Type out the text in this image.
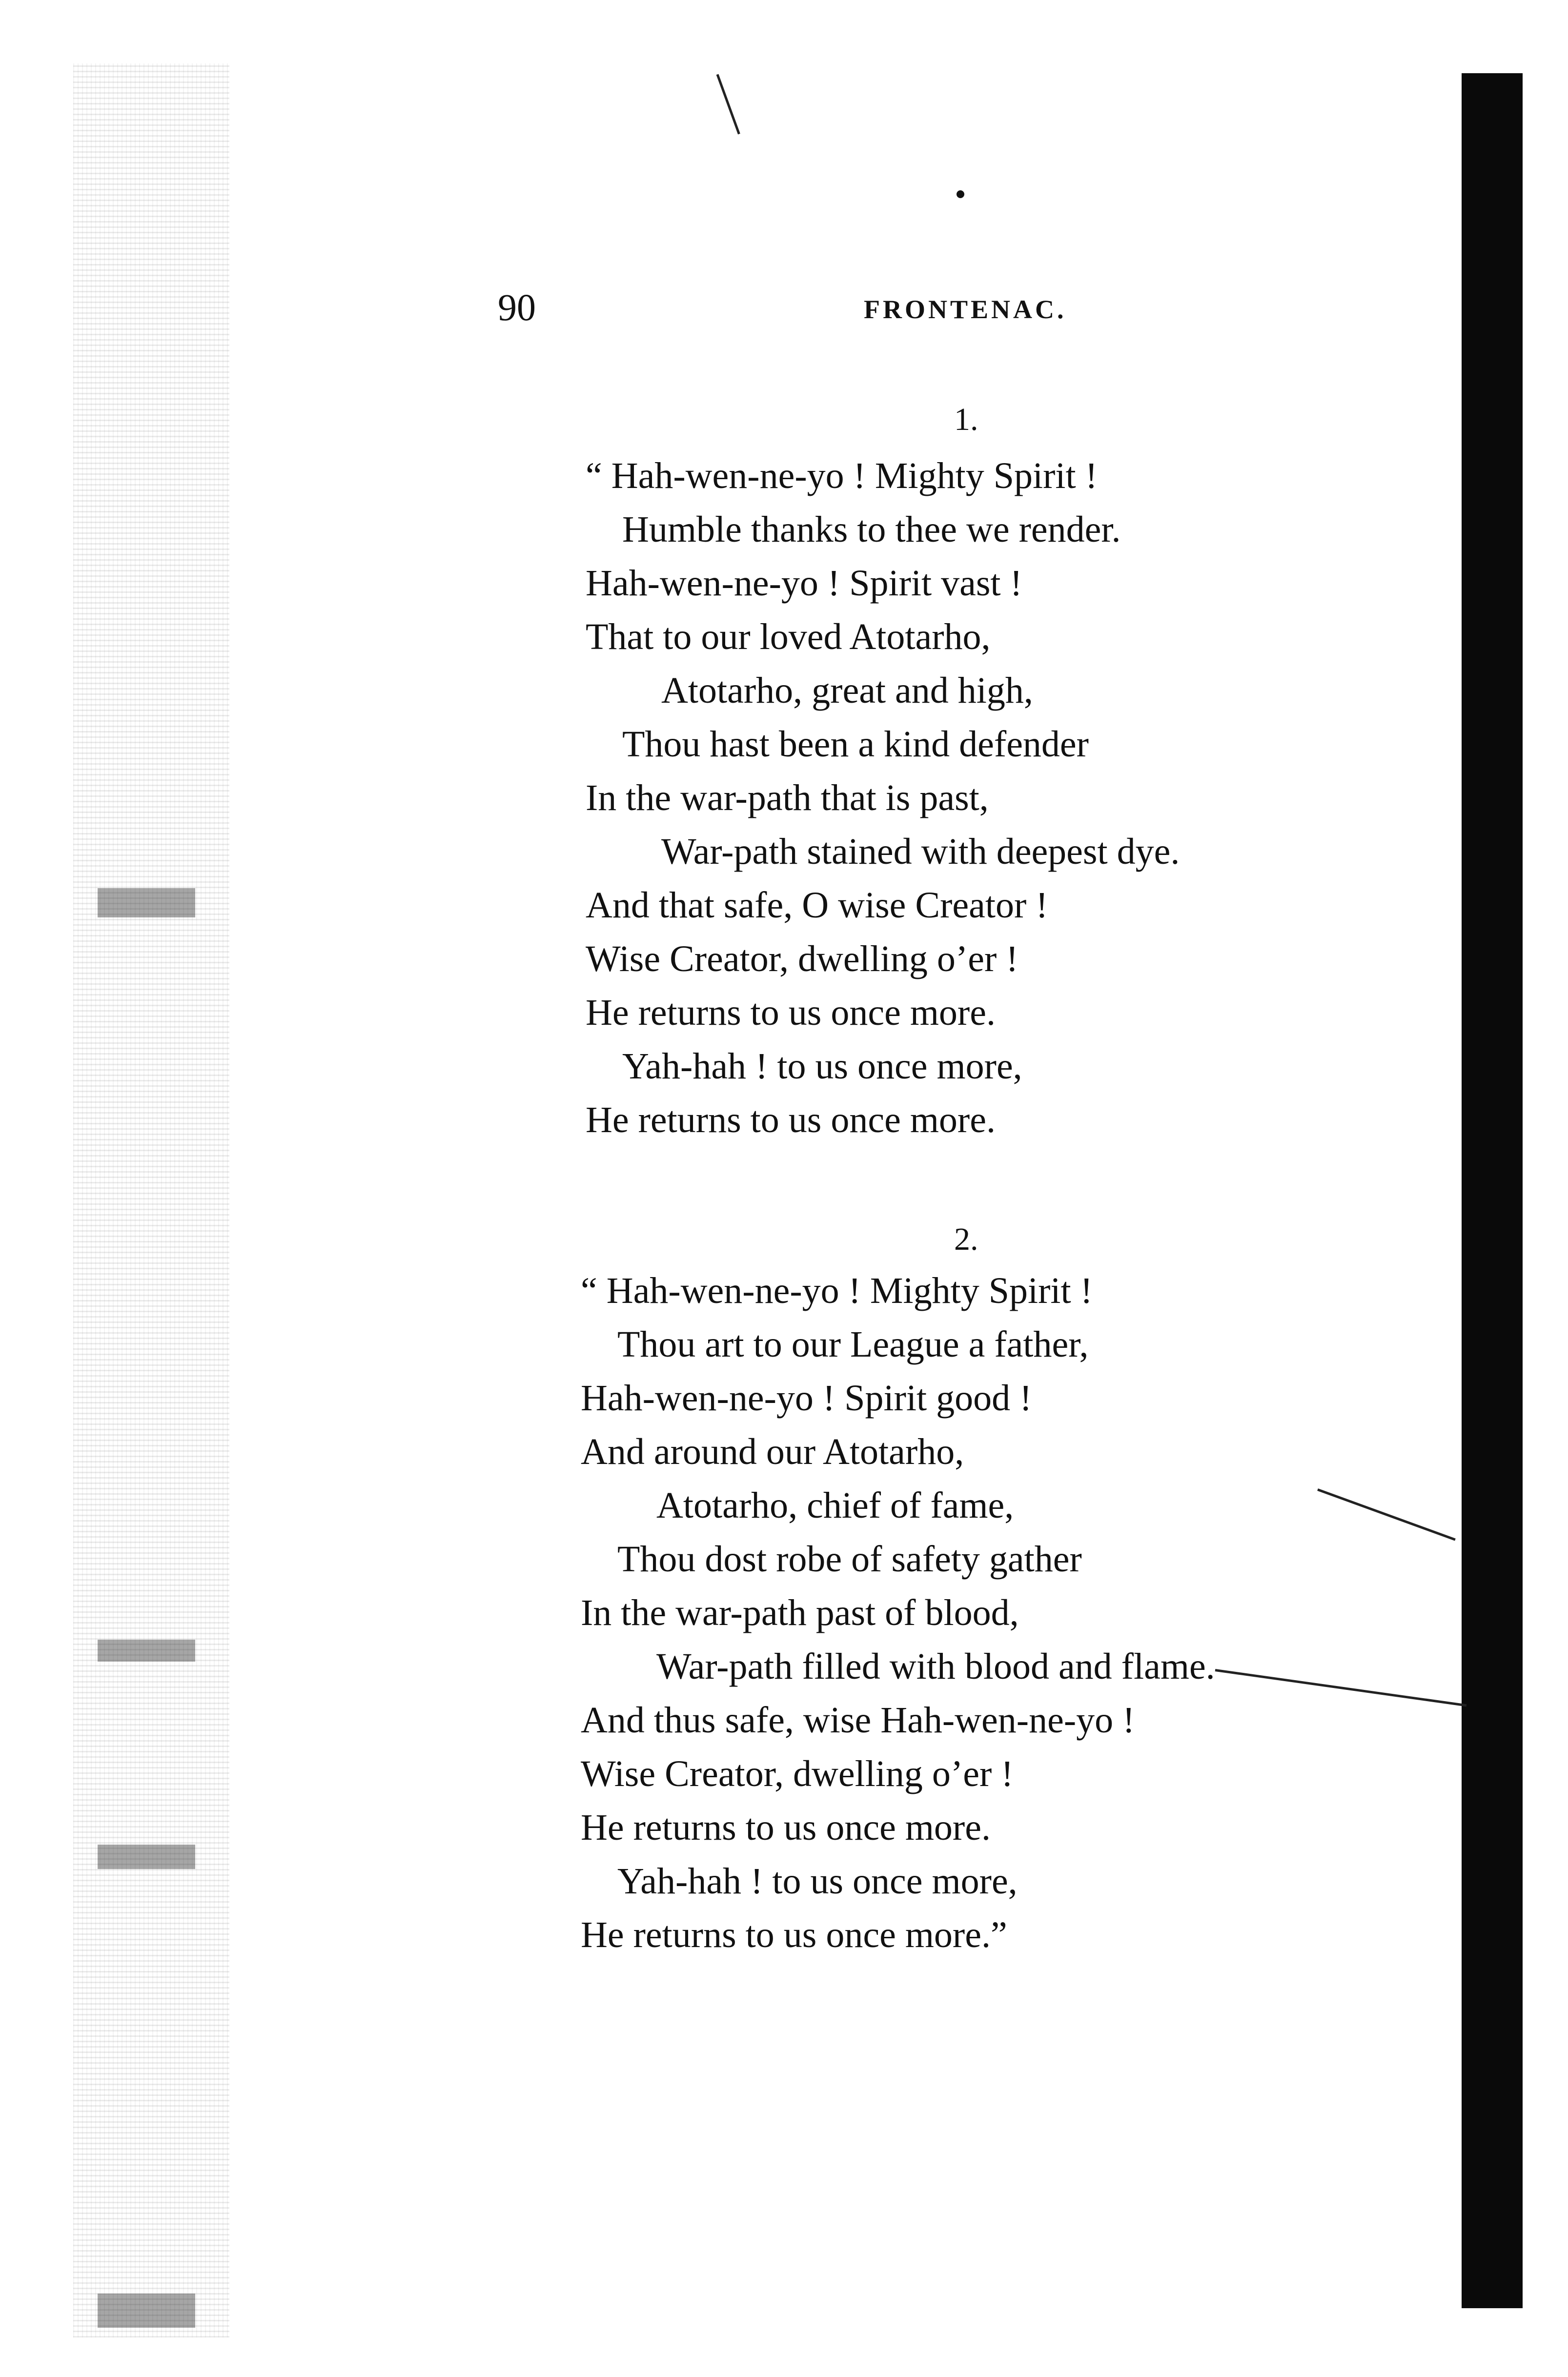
90	FRONTENAC.
1.
“ Hah-wen-ne-yo ! Mighty Spirit !
Humble thanks to thee we render.
Hah-wen-ne-yo ! Spirit vast !
That to our loved Atotarho,
Atotarho, great and high,
Thou hast been a kind defender
In the war-path that is past,
War-path stained with deepest dye.
And that safe, O wise Creator !
Wise Creator, dwelling o’er !
He returns to us once more.
Yah-hah ! to us once more,
He returns to us once more.
2.
“ Hah-wen-ne-yo ! Mighty Spirit !
Thou art to our League a father,
Hah-wen-ne-yo ! Spirit good !
And around our Atotarho,
Atotarho, chief of fame,
Thou dost robe of safety gather
In the war-path past of blood,
War-path filled with blood and flame.
And thus safe, wise Hah-wen-ne-yo !
Wise Creator, dwelling o’er !
He returns to us once more.
Yah-hah ! to us once more,
He returns to us once more.”
